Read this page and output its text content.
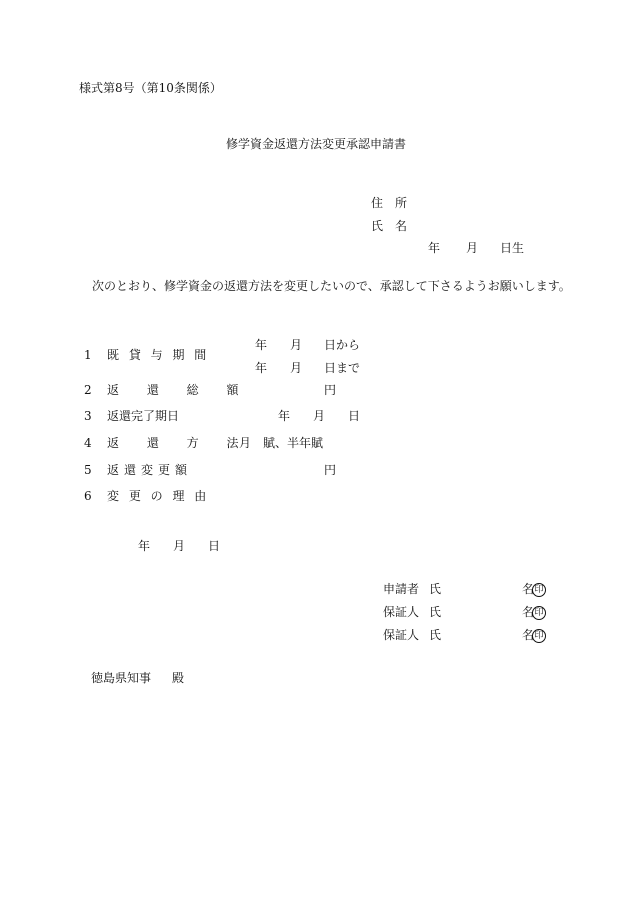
様式第8号（第10条関係）
修学資金返還方法変更承認申請書
住　所
氏　名
年 月 日生
次のとおり、修学資金の返還方法を変更したいので、承認して下さるようお願いします。
1 既 貸 与 期 間
年 月 日から
年 月 日まで
2 返 還 総 額	円
3 返還完了期日	年 月 日
4 返 還 方 法
月　賦、半年賦
5 返還変更額	円
6 変 更 の 理 由
年 月 日
申請者 氏	名印
保証人 氏	名印
保証人 氏	名印
徳島県知事 殿
